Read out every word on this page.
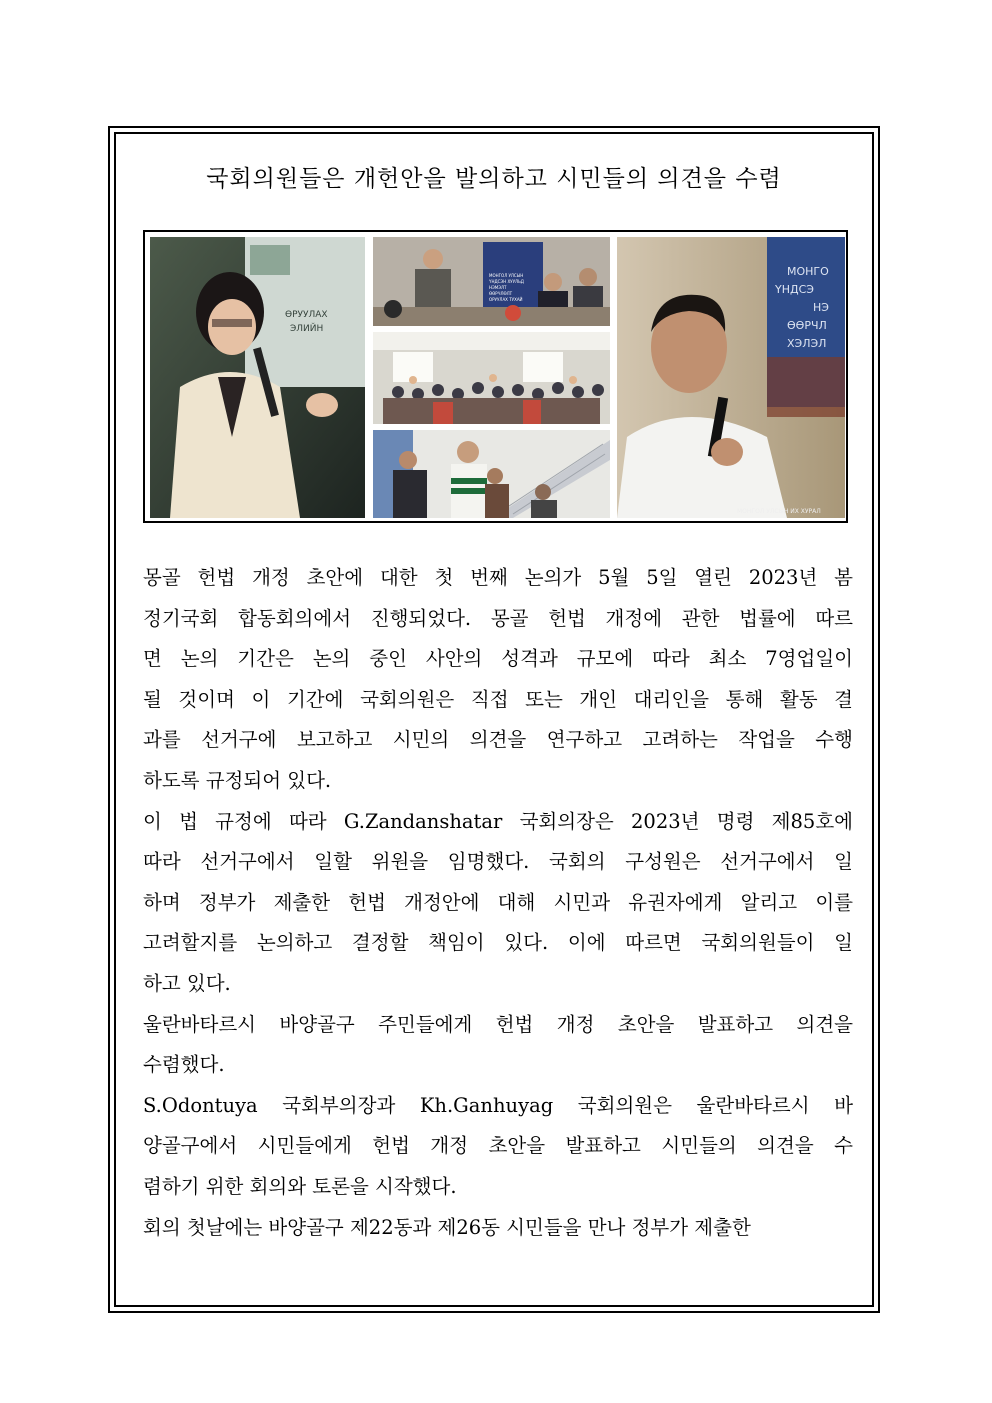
국회의원들은 개헌안을 발의하고 시민들의 의견을 수렴
ӨРУУЛАХ
ЭЛИЙН
МОНГОЛ УЛСЫН
ҮНДСЭН ХУУЛЬД
НЭМЭЛТ
ӨӨРЧЛӨЛТ
ОРУУЛАХ ТУХАЙ
МОНГО
ҮНДСЭ
НЭ
ӨӨРЧЛ
ХЭЛЭЛ
МОНГОЛ УЛСЫН ИХ ХУРАЛ

몽골 헌법 개정 초안에 대한 첫 번째 논의가 5월 5일 열린 2023년 봄
정기국회 합동회의에서 진행되었다. 몽골 헌법 개정에 관한 법률에 따르
면 논의 기간은 논의 중인 사안의 성격과 규모에 따라 최소 7영업일이
될 것이며 이 기간에 국회의원은 직접 또는 개인 대리인을 통해 활동 결
과를 선거구에 보고하고 시민의 의견을 연구하고 고려하는 작업을 수행
하도록 규정되어 있다.

이 법 규정에 따라 G.Zandanshatar 국회의장은 2023년 명령 제85호에
따라 선거구에서 일할 위원을 임명했다. 국회의 구성원은 선거구에서 일
하며 정부가 제출한 헌법 개정안에 대해 시민과 유권자에게 알리고 이를
고려할지를 논의하고 결정할 책임이 있다. 이에 따르면 국회의원들이 일
하고 있다.

울란바타르시 바양골구 주민들에게 헌법 개정 초안을 발표하고 의견을
수렴했다.

S.Odontuya 국회부의장과 Kh.Ganhuyag 국회의원은 울란바타르시 바
양골구에서 시민들에게 헌법 개정 초안을 발표하고 시민들의 의견을 수
렴하기 위한 회의와 토론을 시작했다.

회의 첫날에는 바양골구 제22동과 제26동 시민들을 만나 정부가 제출한
